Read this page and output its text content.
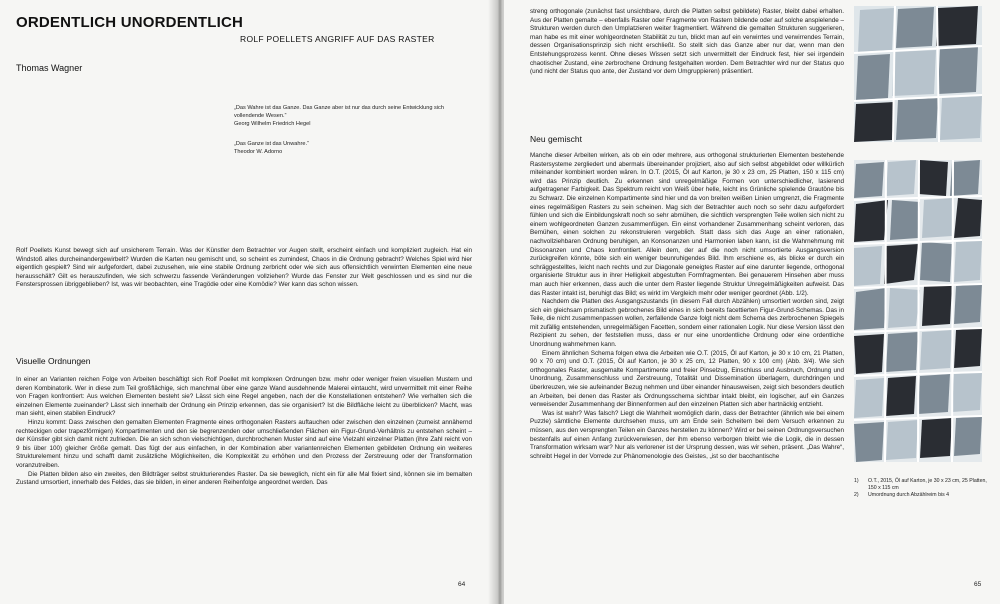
ORDENTLICH UNORDENTLICH
ROLF POELLETS ANGRIFF AUF DAS RASTER
Thomas Wagner
„Das Wahre ist das Ganze. Das Ganze aber ist nur das durch seine Entwicklung sich vollendende Wesen.“
Georg Wilhelm Friedrich Hegel
„Das Ganze ist das Unwahre.“
Theodor W. Adorno

Rolf Poellets Kunst bewegt sich auf unsicherem Terrain. Was der Künstler dem Betrachter vor Augen stellt, erscheint einfach und kompliziert zugleich. Hat ein Windstoß alles durcheinandergewirbelt? Wurden die Karten neu gemischt und, so scheint es zumindest, Chaos in die Ordnung gebracht? Welches Spiel wird hier eigentlich gespielt? Sind wir aufgefordert, dabei zuzusehen, wie eine stabile Ordnung zerbricht oder wie sich aus offensichtlich verwirrten Elementen eine neue herausschält? Gilt es herauszufinden, wie sich schwerzu fassende Veränderungen vollziehen? Wurde das Fenster zur Welt geschlossen und es sind nur die Fenstersprossen übriggeblieben? Ist, was wir beobachten, eine Tragödie oder eine Komödie? Wer kann das schon wissen.

Visuelle Ordnungen

In einer an Varianten reichen Folge von Arbeiten beschäftigt sich Rolf Poellet mit komplexen Ordnungen bzw. mehr oder weniger freien visuellen Mustern und deren Kombinatorik. Wer in diese zum Teil großflächige, sich manchmal über eine ganze Wand ausdehnende Malerei eintaucht, wird unvermittelt mit einer Reihe von Fragen konfrontiert: Aus welchen Elementen besteht sie? Lässt sich eine Regel angeben, nach der die Konstellationen entstehen? Wie verhalten sich die einzelnen Elemente zueinander? Lässt sich innerhalb der Ordnung ein Prinzip erkennen, das sie organisiert? Ist die Bildfläche leicht zu überblicken? Macht, was man sieht, einen stabilen Eindruck?

Hinzu kommt: Dass zwischen den gemalten Elementen Fragmente eines orthogonalen Rasters auftauchen oder zwischen den einzelnen (zumeist annähernd rechteckigen oder trapezförmigen) Kompartimenten und den sie begrenzenden oder umschließenden Flächen ein Figur-Grund-Verhältnis zu entstehen scheint – der Künstler gibt sich damit nicht zufrieden. Die an sich schon vielschichtigen, durchbrochenen Muster sind auf eine Vielzahl einzelner Platten (ihre Zahl reicht von 9 bis über 100) gleicher Größe gemalt. Das fügt der aus einfachen, in der Kombination aber variantenreichen Elementen gebildeten Ordnung ein weiteres Strukturelement hinzu und schafft damit zusätzliche Möglichkeiten, die Komplexität zu erhöhen und den Prozess der Zerstreuung oder der Transformation voranzutreiben.

Die Platten bilden also ein zweites, den Bildträger selbst strukturierendes Raster. Da sie beweglich, nicht ein für alle Mal fixiert sind, können sie im bemalten Zustand umsortiert, innerhalb des Feldes, das sie bilden, in einer anderen Reihenfolge angeordnet werden. Das

64

streng orthogonale (zunächst fast unsichtbare, durch die Platten selbst gebildete) Raster, bleibt dabei erhalten. Aus der Platten gemalte – ebenfalls Raster oder Fragmente von Rastern bildende oder auf solche anspielende – Strukturen werden durch den Umplatzieren weiter fragmentiert. Während die gemalten Strukturen suggerieren, man habe es mit einer wohlgeordneten Stabilität zu tun, blickt man auf ein verwirrtes und verwirrendes Terrain, dessen Organisationsprinzip sich nicht erschließt. So stellt sich das Ganze aber nur dar, wenn man den Entstehungsprozess kennt. Ohne dieses Wissen setzt sich unvermittelt der Eindruck fest, hier sei irgendein chaotischer Zustand, eine zerbrochene Ordnung festgehalten worden. Dem Betrachter wird nur der Status quo (und nicht der Status quo ante, der Zustand vor dem Umgruppieren) präsentiert.

Neu gemischt

Manche dieser Arbeiten wirken, als ob ein oder mehrere, aus orthogonal strukturierten Elementen bestehende Rastersysteme zergliedert und abermals übereinander projiziert, also auf sich selbst abgebildet oder willkürlich miteinander kombiniert worden wären. In O.T. (2015, Öl auf Karton, je 30 x 23 cm, 25 Platten, 150 x 115 cm) wird das Prinzip deutlich. Zu erkennen sind unregelmäßige Formen von unterschiedlicher, lasierend aufgetragener Farbigkeit. Das Spektrum reicht von Weiß über helle, leicht ins Grünliche spielende Grautöne bis zu Schwarz. Die einzelnen Kompartimente sind hier und da von breiten weißen Linien umgrenzt, die Fragmente eines regelmäßigen Rasters zu sein scheinen. Mag sich der Betrachter auch noch so sehr dazu aufgefordert fühlen und sich die Einbildungskraft noch so sehr abmühen, die sichtlich versprengten Teile wollen sich nicht zu einem wohlgeordneten Ganzen zusammenfügen. Ein einst vorhandener Zusammenhang scheint verloren, das Bemühen, einen solchen zu rekonstruieren vergeblich. Statt dass sich das Auge an einer rationalen, nachvollziehbaren Ordnung beruhigen, an Konsonanzen und Harmonien laben kann, ist die Wahrnehmung mit Dissonanzen und Chaos konfrontiert. Allein dem, der auf die noch nicht umsortierte Ausgangsversion zurückgreifen könnte, böte sich ein weniger beunruhigendes Bild. Ihm erschiene es, als blicke er durch ein schräggestelltes, leicht nach rechts und zur Diagonale geneigtes Raster auf eine darunter liegende, orthogonal organisierte Struktur aus in ihrer Helligkeit abgestuften Formfragmenten. Bei genauerem Hinsehen aber muss man auch hier erkennen, dass auch die unter dem Raster liegende Struktur Unregelmäßigkeiten aufweist. Das das Raster intakt ist, beruhigt das Bild; es wirkt im Vergleich mehr oder weniger geordnet (Abb. 1/2).

Nachdem die Platten des Ausgangszustands (in diesem Fall durch Abzählen) umsortiert worden sind, zeigt sich ein gleichsam prismatisch gebrochenes Bild eines in sich bereits facettierten Figur-Grund-Schemas. Das in Teile, die nicht zusammenpassen wollen, zerfallende Ganze folgt nicht dem Schema des zerbrochenen Spiegels mit zufällig entstehenden, unregelmäßigen Facetten, sondern einer rationalen Logik. Nur diese Version lässt den Rezipient zu sehen, der feststellen muss, dass er nur eine unordentliche Ordnung oder eine ordentliche Unordnung wahrnehmen kann.

Einem ähnlichen Schema folgen etwa die Arbeiten wie O.T. (2015, Öl auf Karton, je 30 x 10 cm, 21 Platten, 90 x 70 cm) und O.T. (2015, Öl auf Karton, je 30 x 25 cm, 12 Platten, 90 x 100 cm) (Abb. 3/4). Wie sich orthogonales Raster, ausgemalte Kompartimente und freier Pinselzug, Einschluss und Ausbruch, Ordnung und Unordnung, Zusammenschluss und Zerstreuung, Totalität und Dissemination überlagern, durchdringen und überkreuzen, wie sie aufeinander Bezug nehmen und über einander hinausweisen, zeigt sich besonders deutlich an Arbeiten, bei denen das Raster als Ordnungsschema sichtbar intakt bleibt, ein logischer, auf ein Ganzes verweisender Zusammenhang der Binnenformen auf den einzelnen Platten sich aber hartnäckig entzieht.

Was ist wahr? Was falsch? Liegt die Wahrheit womöglich darin, dass der Betrachter (ähnlich wie bei einem Puzzle) sämtliche Elemente durchsehen muss, um am Ende sein Scheitern bei dem Versuch erkennen zu müssen, aus den versprengten Teilen ein Ganzes herstellen zu können? Wird er bei seinen Ordnungsversuchen bestenfalls auf einen Anfang zurückverwiesen, der ihm ebenso verborgen bleibt wie die Logik, die in dessen Transformation wirksam war? Nur als verlorener ist der Ursprung dessen, was wir sehen, präsent. „Das Wahre“, schreibt Hegel in der Vorrede zur Phänomenologie des Geistes, „ist so der bacchantische

65
1)	O.T., 2015, Öl auf Karton, je 30 x 23 cm, 25 Platten, 150 x 115 cm
2)	Umordnung durch Abzählreim bis 4
